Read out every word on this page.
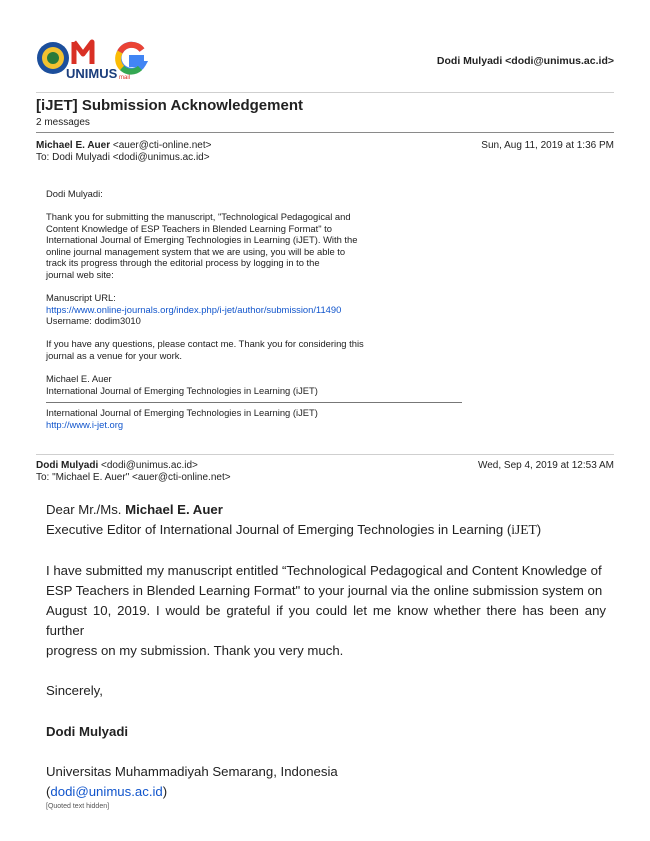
UNIMUS mail
Dodi Mulyadi <dodi@unimus.ac.id>
[iJET] Submission Acknowledgement
2 messages
Michael E. Auer <auer@cti-online.net>
To: Dodi Mulyadi <dodi@unimus.ac.id>
Sun, Aug 11, 2019 at 1:36 PM

Dodi Mulyadi:

Thank you for submitting the manuscript, "Technological Pedagogical and
Content Knowledge of ESP Teachers in Blended Learning Format" to
International Journal of Emerging Technologies in Learning (iJET). With the
online journal management system that we are using, you will be able to
track its progress through the editorial process by logging in to the
journal web site:

Manuscript URL:
https://www.online-journals.org/index.php/i-jet/author/submission/11490
Username: dodim3010

If you have any questions, please contact me. Thank you for considering this
journal as a venue for your work.

Michael E. Auer
International Journal of Emerging Technologies in Learning (iJET)

International Journal of Emerging Technologies in Learning (iJET)
http://www.i-jet.org
Dodi Mulyadi <dodi@unimus.ac.id>
To: "Michael E. Auer" <auer@cti-online.net>
Wed, Sep 4, 2019 at 12:53 AM

Dear Mr./Ms. Michael E. Auer

Executive Editor of International Journal of Emerging Technologies in Learning (iJET)

I have submitted my manuscript entitled “Technological Pedagogical and Content Knowledge of
ESP Teachers in Blended Learning Format" to your journal via the online submission system on
August 10, 2019. I would be grateful if you could let me know whether there has been any further
progress on my submission. Thank you very much.

Sincerely,

Dodi Mulyadi

Universitas Muhammadiyah Semarang, Indonesia

(dodi@unimus.ac.id)

[Quoted text hidden]
